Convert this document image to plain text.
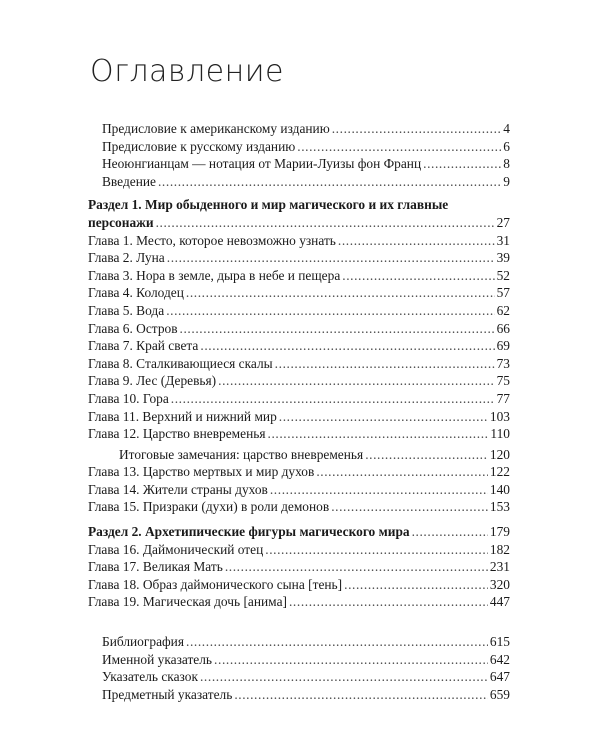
Оглавление
Предисловие к американскому изданию .....	4
Предисловие к русскому изданию .....	6
Неоюнгианцам — нотация от Марии-Луизы фон Франц .....	8
Введение .....	9
Раздел 1. Мир обыденного и мир магического и их главные
персонажи .....	27
Глава 1. Место, которое невозможно узнать .....	31
Глава 2. Луна .....	39
Глава 3. Нора в земле, дыра в небе и пещера .....	52
Глава 4. Колодец .....	57
Глава 5. Вода .....	62
Глава 6. Остров .....	66
Глава 7. Край света .....	69
Глава 8. Сталкивающиеся скалы .....	73
Глава 9. Лес (Деревья) .....	75
Глава 10. Гора .....	77
Глава 11. Верхний и нижний мир .....	103
Глава 12. Царство вневременья .....	110
Итоговые замечания: царство вневременья .....	120
Глава 13. Царство мертвых и мир духов .....	122
Глава 14. Жители страны духов .....	140
Глава 15. Призраки (духи) в роли демонов .....	153
Раздел 2. Архетипические фигуры магического мира .....	179
Глава 16. Даймонический отец .....	182
Глава 17. Великая Мать .....	231
Глава 18. Образ даймонического сына [тень] .....	320
Глава 19. Магическая дочь [анима] .....	447
Библиография .....	615
Именной указатель .....	642
Указатель сказок .....	647
Предметный указатель .....	659
